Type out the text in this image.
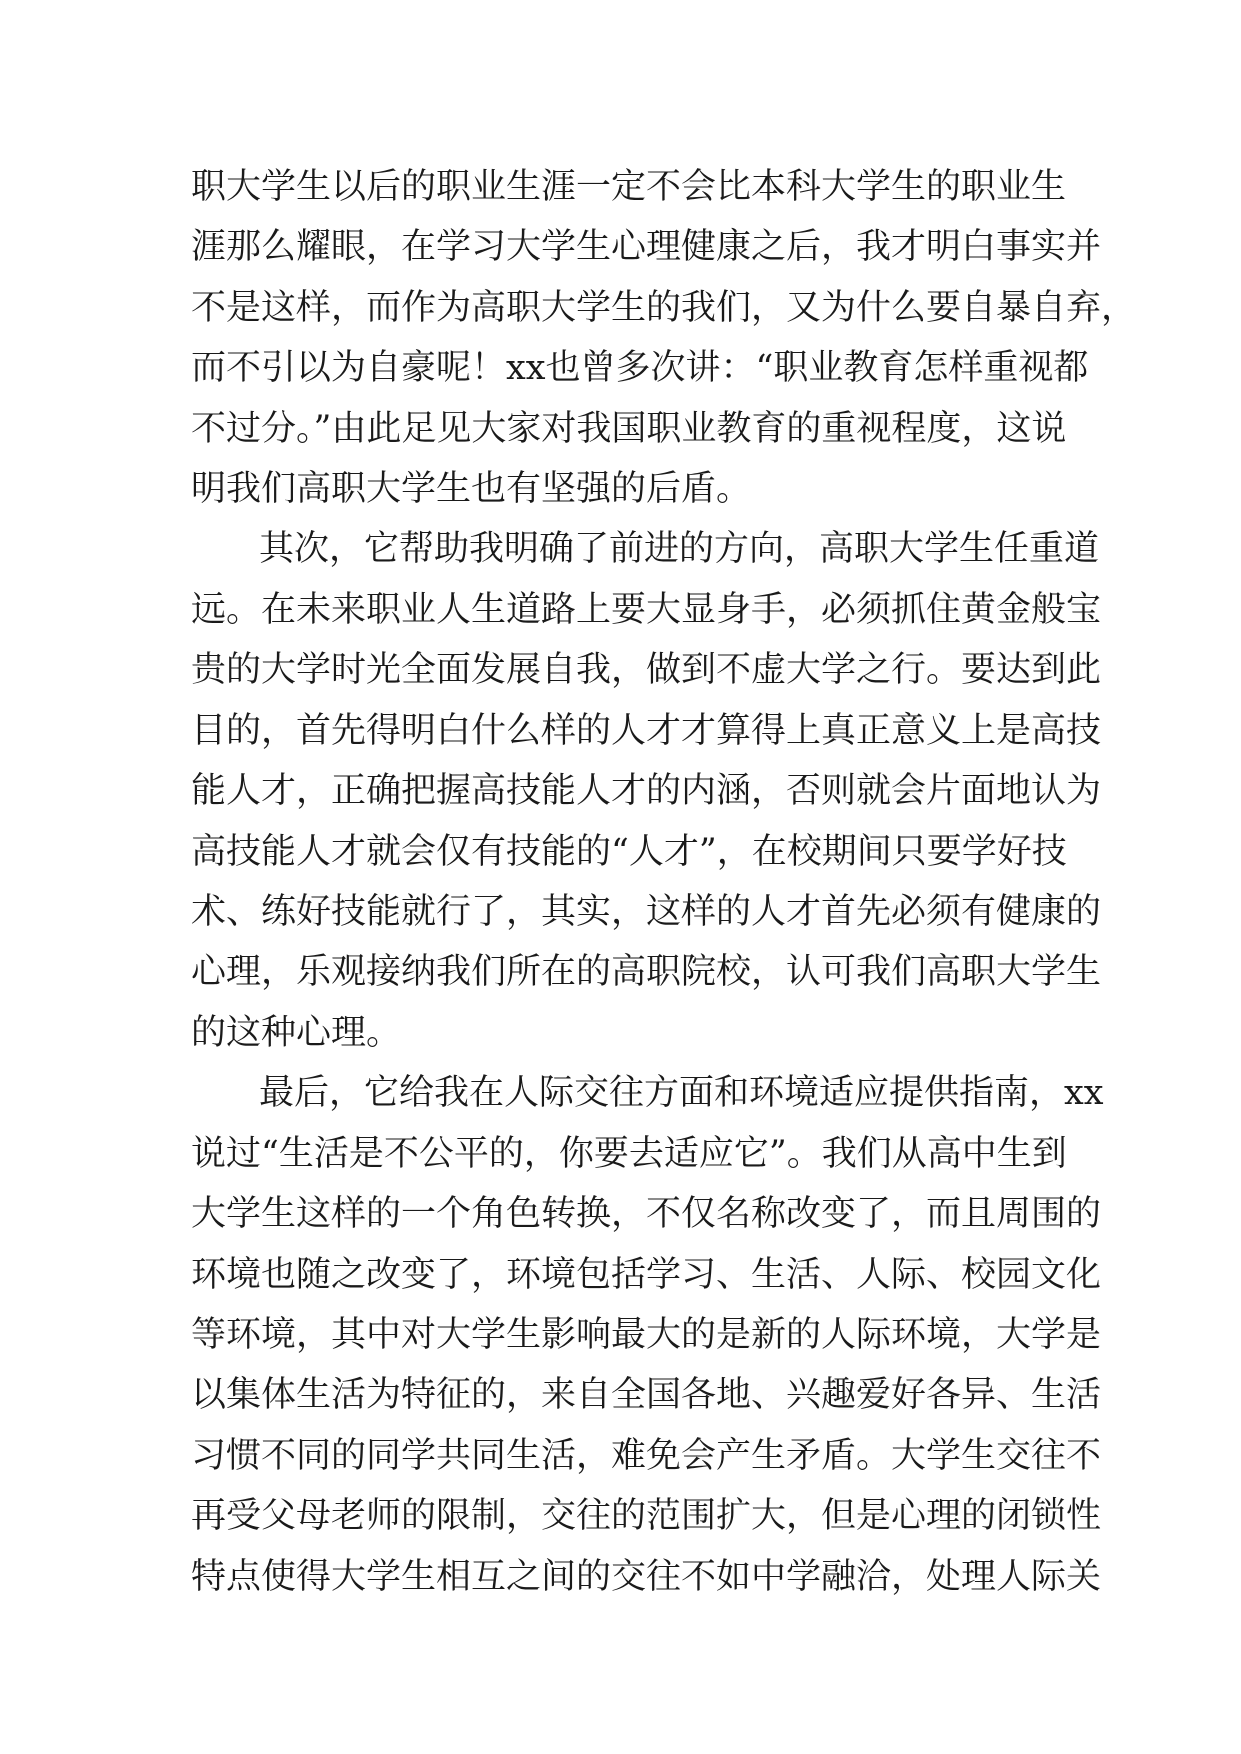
职大学生以后的职业生涯一定不会比本科大学生的职业生

涯那么耀眼，在学习大学生心理健康之后，我才明白事实并

不是这样，而作为高职大学生的我们，又为什么要自暴自弃，

而不引以为自豪呢！xx也曾多次讲：“职业教育怎样重视都

不过分。”由此足见大家对我国职业教育的重视程度，这说

明我们高职大学生也有坚强的后盾。

其次，它帮助我明确了前进的方向，高职大学生任重道

远。在未来职业人生道路上要大显身手，必须抓住黄金般宝

贵的大学时光全面发展自我，做到不虚大学之行。要达到此

目的，首先得明白什么样的人才才算得上真正意义上是高技

能人才，正确把握高技能人才的内涵，否则就会片面地认为

高技能人才就会仅有技能的“人才”，在校期间只要学好技

术、练好技能就行了，其实，这样的人才首先必须有健康的

心理，乐观接纳我们所在的高职院校，认可我们高职大学生

的这种心理。

最后，它给我在人际交往方面和环境适应提供指南，xx

说过“生活是不公平的，你要去适应它”。我们从高中生到

大学生这样的一个角色转换，不仅名称改变了，而且周围的

环境也随之改变了，环境包括学习、生活、人际、校园文化

等环境，其中对大学生影响最大的是新的人际环境，大学是

以集体生活为特征的，来自全国各地、兴趣爱好各异、生活

习惯不同的同学共同生活，难免会产生矛盾。大学生交往不

再受父母老师的限制，交往的范围扩大，但是心理的闭锁性

特点使得大学生相互之间的交往不如中学融洽，处理人际关
